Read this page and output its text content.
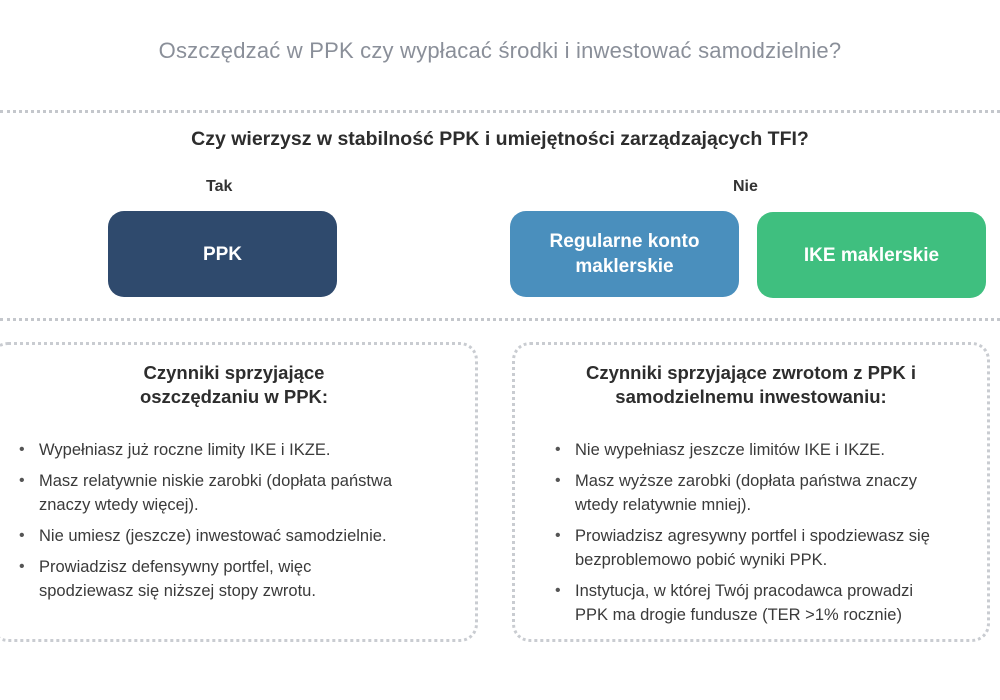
Oszczędzać w PPK czy wypłacać środki i inwestować samodzielnie?
Czy wierzysz w stabilność PPK i umiejętności zarządzających TFI?
Tak	Nie
PPK
Regularne konto
maklerskie
IKE maklerskie
Czynniki sprzyjające
oszczędzaniu w PPK:
• Wypełniasz już roczne limity IKE i IKZE.
• Masz relatywnie niskie zarobki (dopłata państwa
znaczy wtedy więcej).
• Nie umiesz (jeszcze) inwestować samodzielnie.
• Prowiadzisz defensywny portfel, więc
spodziewasz się niższej stopy zwrotu.
Czynniki sprzyjające zwrotom z PPK i
samodzielnemu inwestowaniu:
• Nie wypełniasz jeszcze limitów IKE i IKZE.
• Masz wyższe zarobki (dopłata państwa znaczy
wtedy relatywnie mniej).
• Prowiadzisz agresywny portfel i spodziewasz się
bezproblemowo pobić wyniki PPK.
• Instytucja, w której Twój pracodawca prowadzi
PPK ma drogie fundusze (TER >1% rocznie)
